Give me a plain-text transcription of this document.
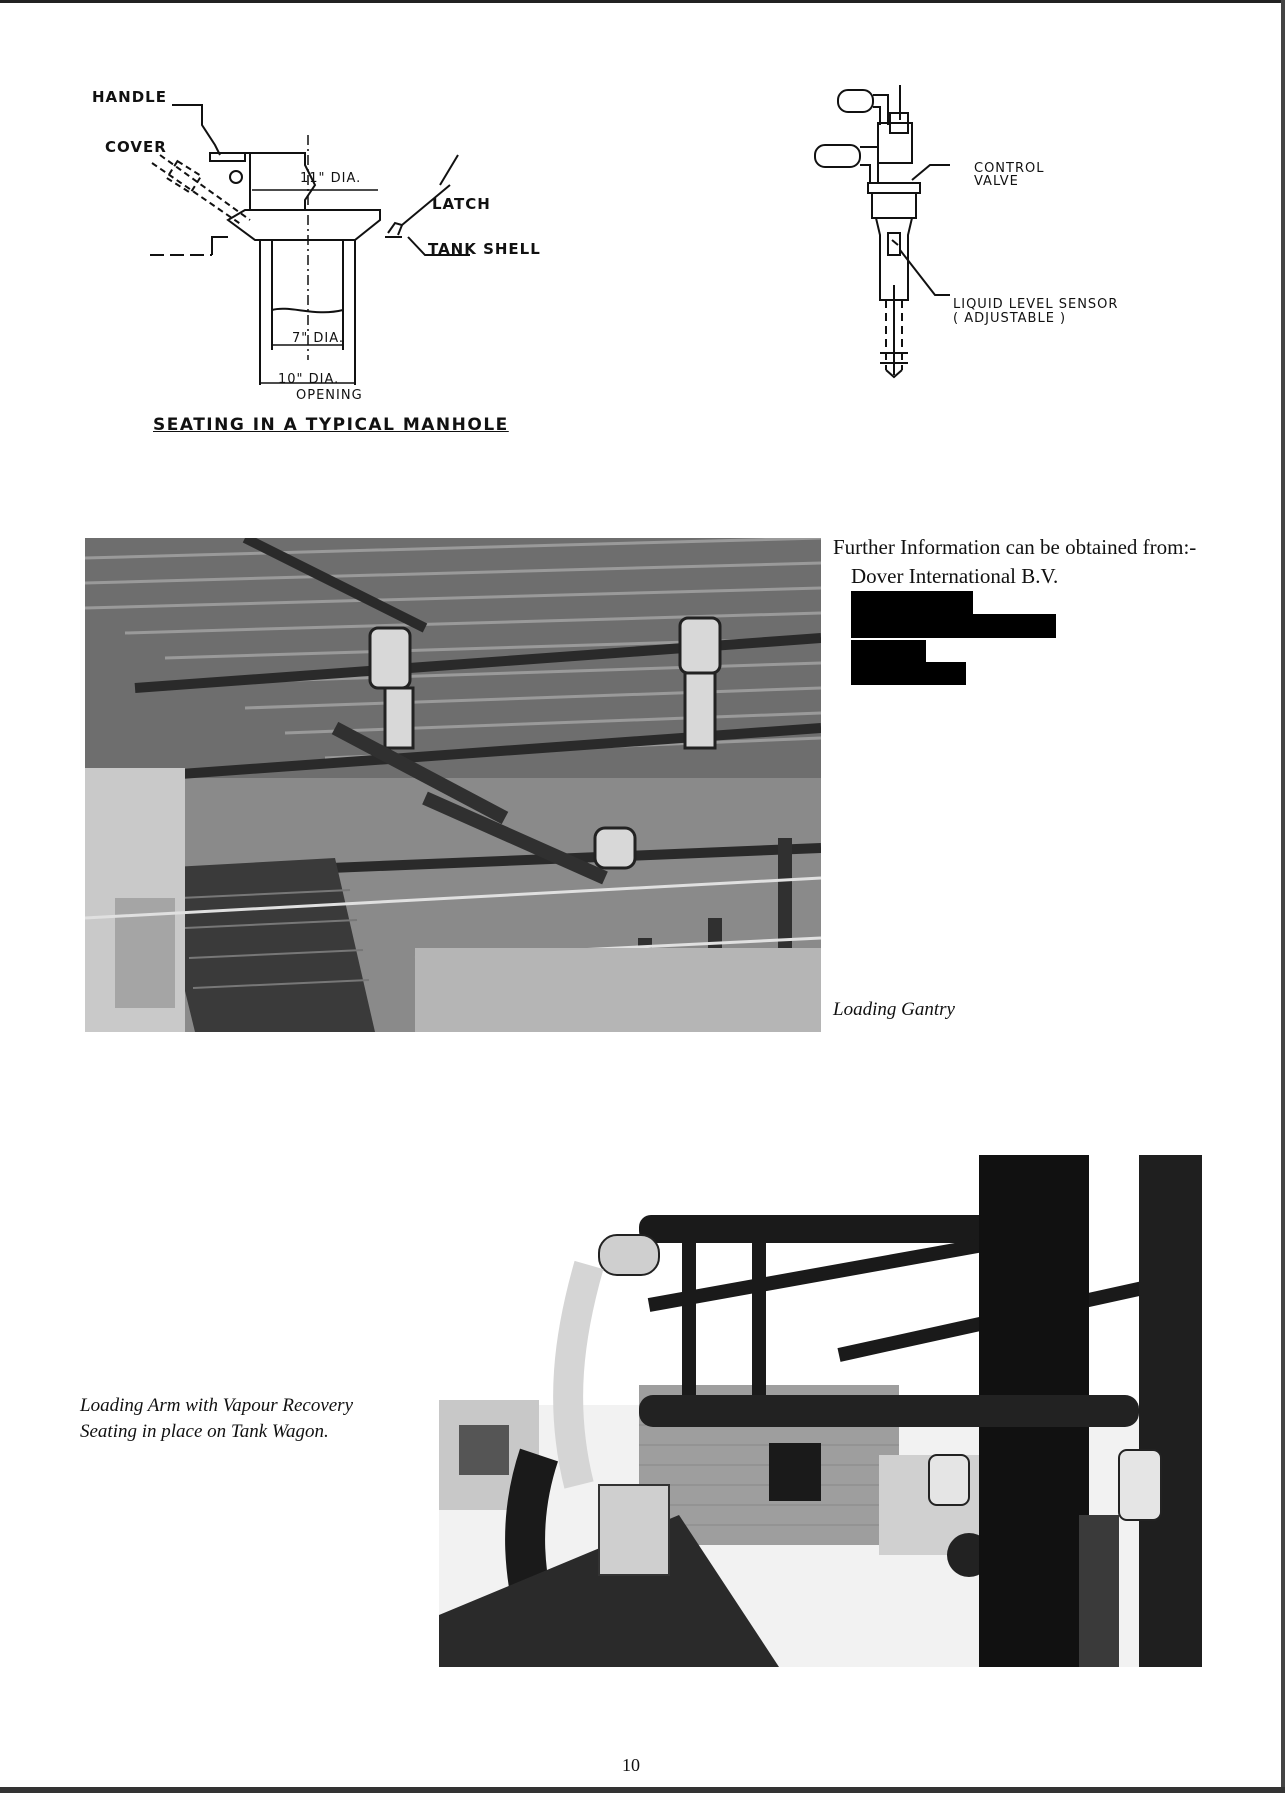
HANDLE
COVER
11" DIA.
LATCH
TANK SHELL
7" DIA.
10" DIA.
OPENING
SEATING IN A TYPICAL MANHOLE
CONTROL
VALVE
LIQUID LEVEL SENSOR
( ADJUSTABLE )
Further Information can be obtained from:-
Dover International B.V.
Loading Gantry
Loading Arm with Vapour Recovery
Seating in place on Tank Wagon.
10
